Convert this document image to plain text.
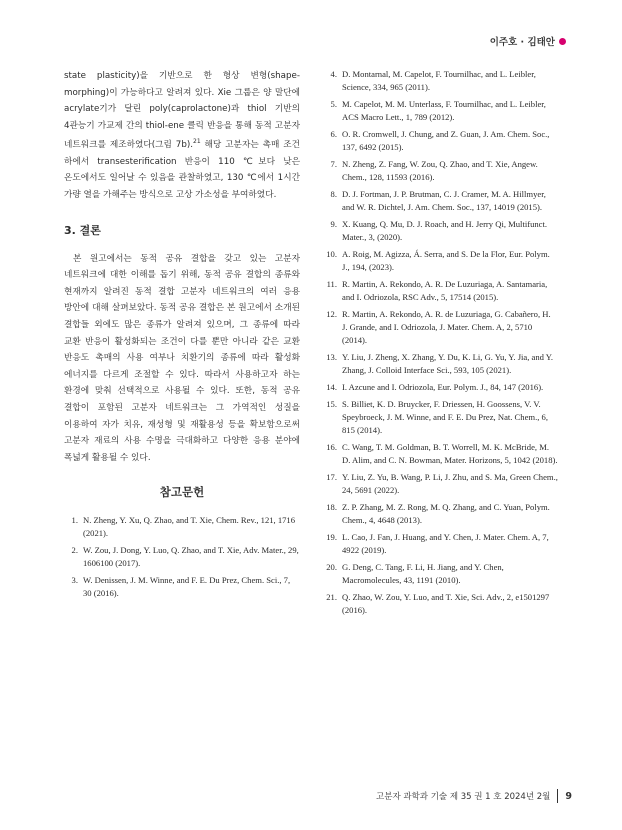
이주호 · 김태안

state plasticity)을 기반으로 한 형상 변형(shape-morphing)이 가능하다고 알려져 있다. Xie 그룹은 양 말단에 acrylate기가 달린 poly(caprolactone)과 thiol 기반의 4관능기 가교제 간의 thiol-ene 클릭 반응을 통해 동적 고분자 네트워크를 제조하였다(그림 7b).$^{21}$ 해당 고분자는 촉매 조건 하에서 transesterification 반응이 110 ℃보다 낮은 온도에서도 일어날 수 있음을 관찰하였고, 130 ℃에서 1시간 가량 열을 가해주는 방식으로 고상 가소성을 부여하였다.

3. 결론

본 원고에서는 동적 공유 결합을 갖고 있는 고분자 네트워크에 대한 이해를 돕기 위해, 동적 공유 결합의 종류와 현재까지 알려진 동적 결합 고분자 네트워크의 여러 응용 방안에 대해 살펴보았다. 동적 공유 결합은 본 원고에서 소개된 결합들 외에도 많은 종류가 알려져 있으며, 그 종류에 따라 교환 반응이 활성화되는 조건이 다를 뿐만 아니라 같은 교환 반응도 촉매의 사용 여부나 치환기의 종류에 따라 활성화 에너지를 다르게 조절할 수 있다. 따라서 사용하고자 하는 환경에 맞춰 선택적으로 사용될 수 있다. 또한, 동적 공유 결합이 포함된 고분자 네트워크는 그 가역적인 성질을 이용하여 자가 치유, 재성형 및 재활용성 등을 확보함으로써 고분자 재료의 사용 수명을 극대화하고 다양한 응용 분야에 폭넓게 활용될 수 있다.

참고문헌
1. N. Zheng, Y. Xu, Q. Zhao, and T. Xie, Chem. Rev., 121, 1716 (2021).
2. W. Zou, J. Dong, Y. Luo, Q. Zhao, and T. Xie, Adv. Mater., 29, 1606100 (2017).
3. W. Denissen, J. M. Winne, and F. E. Du Prez, Chem. Sci., 7, 30 (2016).
4. D. Montarnal, M. Capelot, F. Tournilhac, and L. Leibler, Science, 334, 965 (2011).
5. M. Capelot, M. M. Unterlass, F. Tournilhac, and L. Leibler, ACS Macro Lett., 1, 789 (2012).
6. O. R. Cromwell, J. Chung, and Z. Guan, J. Am. Chem. Soc., 137, 6492 (2015).
7. N. Zheng, Z. Fang, W. Zou, Q. Zhao, and T. Xie, Angew. Chem., 128, 11593 (2016).
8. D. J. Fortman, J. P. Brutman, C. J. Cramer, M. A. Hillmyer, and W. R. Dichtel, J. Am. Chem. Soc., 137, 14019 (2015).
9. X. Kuang, Q. Mu, D. J. Roach, and H. Jerry Qi, Multifunct. Mater., 3, (2020).
10. A. Roig, M. Agizza, Á. Serra, and S. De la Flor, Eur. Polym. J., 194, (2023).
11. R. Martin, A. Rekondo, A. R. De Luzuriaga, A. Santamaria, and I. Odriozola, RSC Adv., 5, 17514 (2015).
12. R. Martin, A. Rekondo, A. R. de Luzuriaga, G. Cabañero, H. J. Grande, and I. Odriozola, J. Mater. Chem. A, 2, 5710 (2014).
13. Y. Liu, J. Zheng, X. Zhang, Y. Du, K. Li, G. Yu, Y. Jia, and Y. Zhang, J. Colloid Interface Sci., 593, 105 (2021).
14. I. Azcune and I. Odriozola, Eur. Polym. J., 84, 147 (2016).
15. S. Billiet, K. D. Bruycker, F. Driessen, H. Goossens, V. V. Speybroeck, J. M. Winne, and F. E. Du Prez, Nat. Chem., 6, 815 (2014).
16. C. Wang, T. M. Goldman, B. T. Worrell, M. K. McBride, M. D. Alim, and C. N. Bowman, Mater. Horizons, 5, 1042 (2018).
17. Y. Liu, Z. Yu, B. Wang, P. Li, J. Zhu, and S. Ma, Green Chem., 24, 5691 (2022).
18. Z. P. Zhang, M. Z. Rong, M. Q. Zhang, and C. Yuan, Polym. Chem., 4, 4648 (2013).
19. L. Cao, J. Fan, J. Huang, and Y. Chen, J. Mater. Chem. A, 7, 4922 (2019).
20. G. Deng, C. Tang, F. Li, H. Jiang, and Y. Chen, Macromolecules, 43, 1191 (2010).
21. Q. Zhao, W. Zou, Y. Luo, and T. Xie, Sci. Adv., 2, e1501297 (2016).
고분자 과학과 기술 제 35 권 1 호 2024년 2월 9
